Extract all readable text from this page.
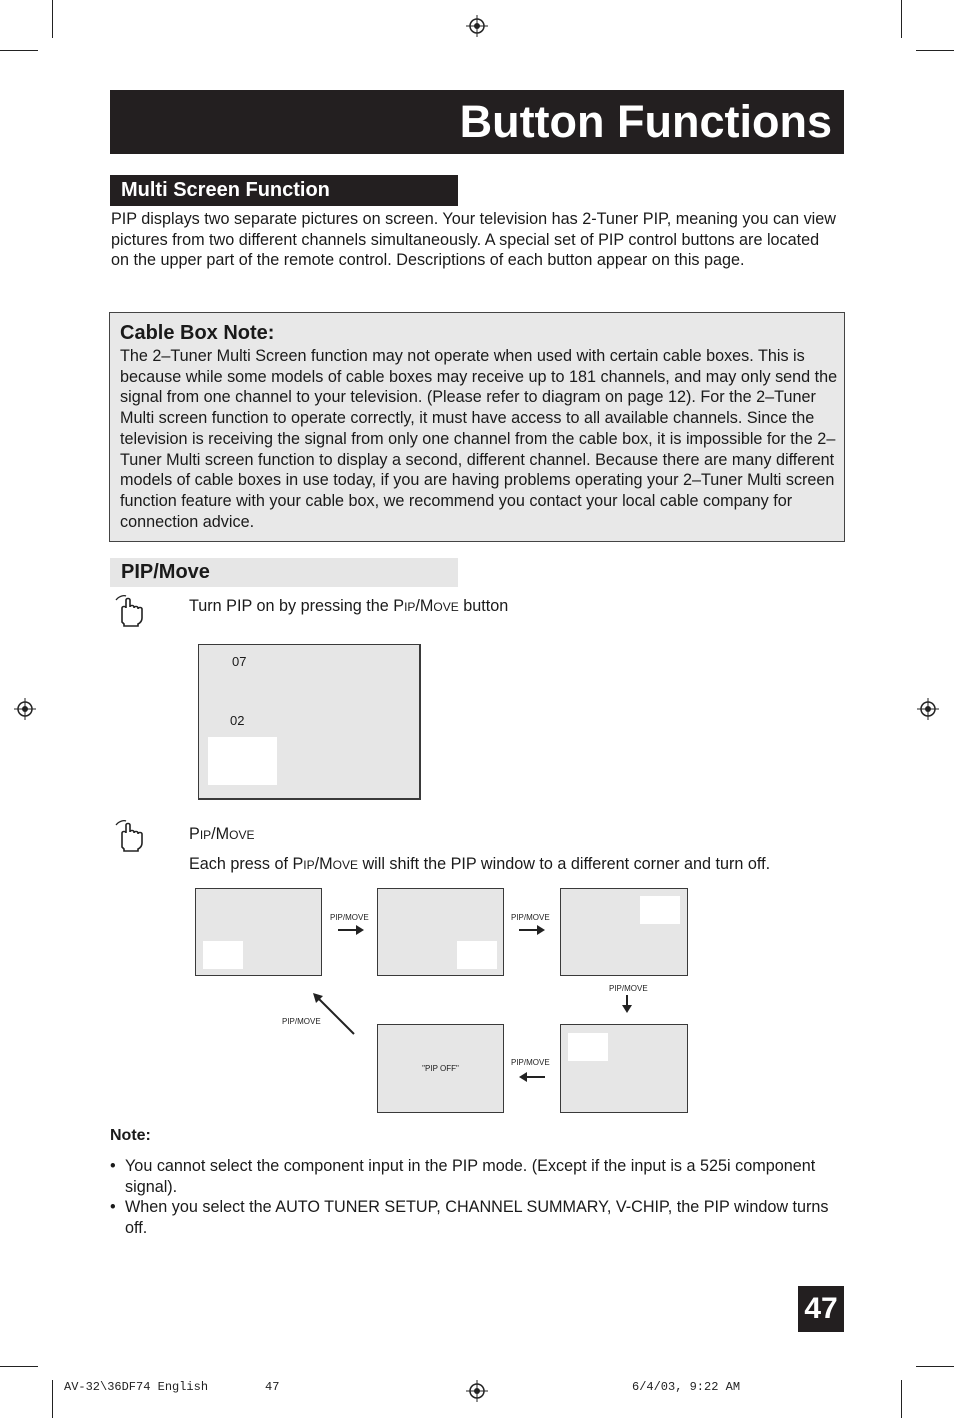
Button Functions
Multi Screen Function
PIP displays two separate pictures on screen. Your television has 2-Tuner PIP, meaning you can view pictures from two different channels simultaneously. A special set of PIP control buttons are located on the upper part of the remote control. Descriptions of each button appear on this page.
Cable Box Note:
The 2–Tuner Multi Screen function may not operate when used with certain cable boxes. This is because while some models of cable boxes may receive up to 181 channels, and may only send the signal from one channel to your television. (Please refer to diagram on page 12). For the 2–Tuner Multi screen function to operate correctly, it must have access to all available channels. Since the television is receiving the signal from only one channel from the cable box, it is impossible for the 2–Tuner Multi screen function to display a second, different channel. Because there are many different models of cable boxes in use today, if you are having problems operating your 2–Tuner Multi screen function feature with your cable box, we recommend you contact your local cable company for connection advice.
PIP/Move
Turn PIP on by pressing the PIP/MOVE button
07
02
PIP/MOVE
Each press of PIP/MOVE will shift the PIP window to a different corner and turn off.
"PIP OFF"
PIP/MOVE	PIP/MOVE
PIP/MOVE
PIP/MOVE
PIP/MOVE
Note:
• You cannot select the component input in the PIP mode. (Except if the input is a 525i component signal).
• When you select the AUTO TUNER SETUP, CHANNEL SUMMARY, V-CHIP, the PIP window turns off.
47
AV-32\36DF74 English	47	6/4/03, 9:22 AM
